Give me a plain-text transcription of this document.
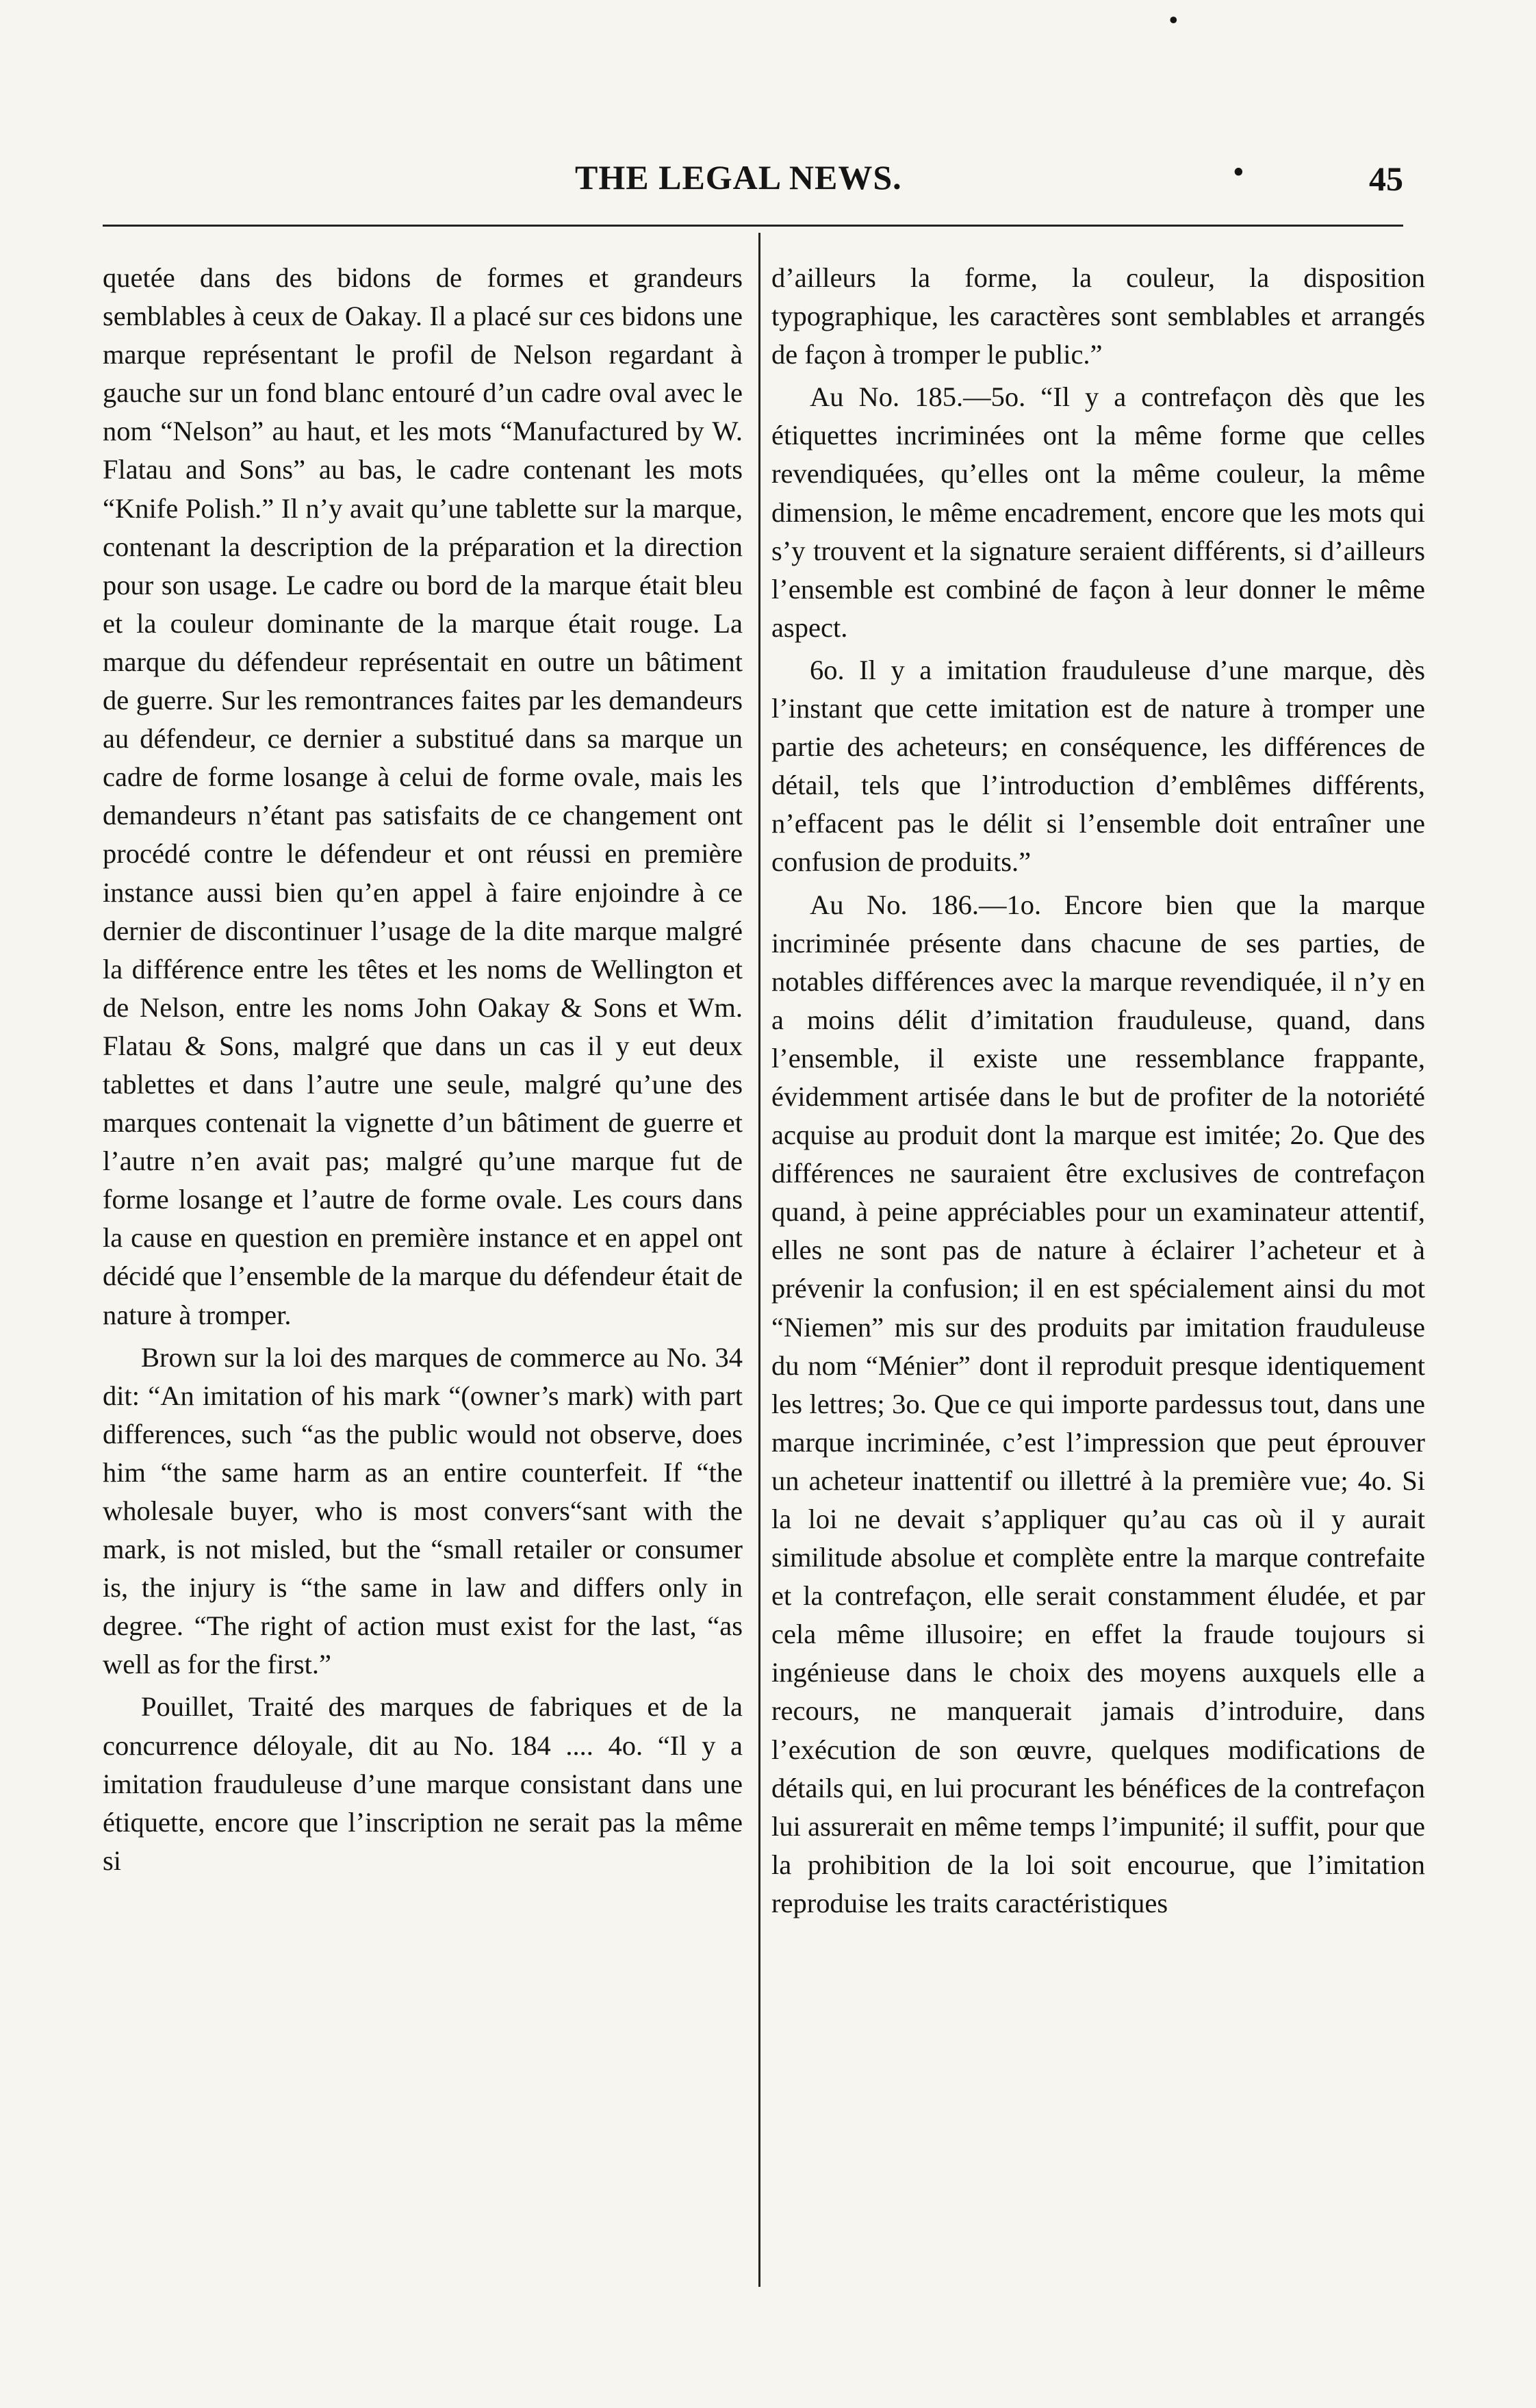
•
THE LEGAL NEWS.	•	45

quetée dans des bidons de formes et grandeurs semblables à ceux de Oakay. Il a placé sur ces bidons une marque représentant le profil de Nelson regardant à gauche sur un fond blanc entouré d’un cadre oval avec le nom “Nelson” au haut, et les mots “Manufactured by W. Flatau and Sons” au bas, le cadre contenant les mots “Knife Polish.” Il n’y avait qu’une tablette sur la marque, contenant la description de la préparation et la direction pour son usage. Le cadre ou bord de la marque était bleu et la couleur dominante de la marque était rouge. La marque du défendeur représentait en outre un bâtiment de guerre. Sur les remontrances faites par les demandeurs au défendeur, ce dernier a substitué dans sa marque un cadre de forme losange à celui de forme ovale, mais les demandeurs n’étant pas satisfaits de ce changement ont procédé contre le défendeur et ont réussi en première instance aussi bien qu’en appel à faire enjoindre à ce dernier de discontinuer l’usage de la dite marque malgré la différence entre les têtes et les noms de Wellington et de Nelson, entre les noms John Oakay & Sons et Wm. Flatau & Sons, malgré que dans un cas il y eut deux tablettes et dans l’autre une seule, malgré qu’une des marques contenait la vignette d’un bâtiment de guerre et l’autre n’en avait pas; malgré qu’une marque fut de forme losange et l’autre de forme ovale. Les cours dans la cause en question en première instance et en appel ont décidé que l’ensemble de la marque du défendeur était de nature à tromper.

Brown sur la loi des marques de commerce au No. 34 dit: “An imitation of his mark “(owner’s mark) with part differences, such “as the public would not observe, does him “the same harm as an entire counterfeit. If “the wholesale buyer, who is most convers“sant with the mark, is not misled, but the “small retailer or consumer is, the injury is “the same in law and differs only in degree. “The right of action must exist for the last, “as well as for the first.”

Pouillet, Traité des marques de fabriques et de la concurrence déloyale, dit au No. 184 .... 4o. “Il y a imitation frauduleuse d’une marque consistant dans une étiquette, encore que l’inscription ne serait pas la même si

d’ailleurs la forme, la couleur, la disposition typographique, les caractères sont semblables et arrangés de façon à tromper le public.”

Au No. 185.—5o. “Il y a contrefaçon dès que les étiquettes incriminées ont la même forme que celles revendiquées, qu’elles ont la même couleur, la même dimension, le même encadrement, encore que les mots qui s’y trouvent et la signature seraient différents, si d’ailleurs l’ensemble est combiné de façon à leur donner le même aspect.

6o. Il y a imitation frauduleuse d’une marque, dès l’instant que cette imitation est de nature à tromper une partie des acheteurs; en conséquence, les différences de détail, tels que l’introduction d’emblêmes différents, n’effacent pas le délit si l’ensemble doit entraîner une confusion de produits.”

Au No. 186.—1o. Encore bien que la marque incriminée présente dans chacune de ses parties, de notables différences avec la marque revendiquée, il n’y en a moins délit d’imitation frauduleuse, quand, dans l’ensemble, il existe une ressemblance frappante, évidemment artisée dans le but de profiter de la notoriété acquise au produit dont la marque est imitée; 2o. Que des différences ne sauraient être exclusives de contrefaçon quand, à peine appréciables pour un examinateur attentif, elles ne sont pas de nature à éclairer l’acheteur et à prévenir la confusion; il en est spécialement ainsi du mot “Niemen” mis sur des produits par imitation frauduleuse du nom “Ménier” dont il reproduit presque identiquement les lettres; 3o. Que ce qui importe pardessus tout, dans une marque incriminée, c’est l’impression que peut éprouver un acheteur inattentif ou illettré à la première vue; 4o. Si la loi ne devait s’appliquer qu’au cas où il y aurait similitude absolue et complète entre la marque contrefaite et la contrefaçon, elle serait constamment éludée, et par cela même illusoire; en effet la fraude toujours si ingénieuse dans le choix des moyens auxquels elle a recours, ne manquerait jamais d’introduire, dans l’exécution de son œuvre, quelques modifications de détails qui, en lui procurant les bénéfices de la contrefaçon lui assurerait en même temps l’impunité; il suffit, pour que la prohibition de la loi soit encourue, que l’imitation reproduise les traits caractéristiques
